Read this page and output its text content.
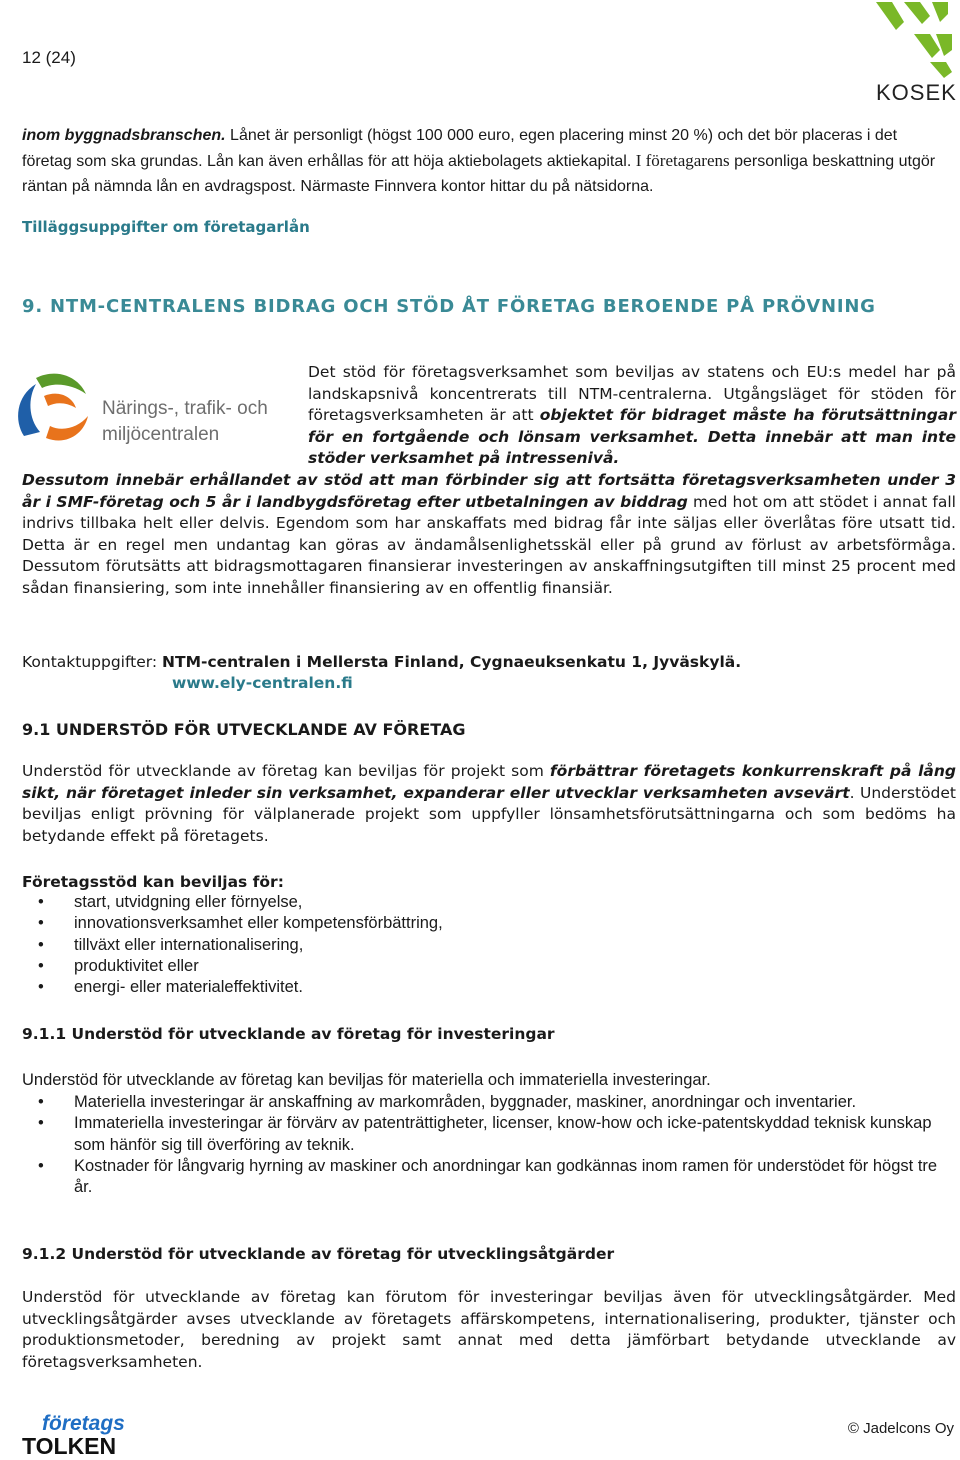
12 (24)
KOSEK
inom byggnadsbranschen. Lånet är personligt (högst 100 000 euro, egen placering minst 20 %) och det bör placeras i det företag som ska grundas. Lån kan även erhållas för att höja aktiebolagets aktiekapital. I företagarens personliga beskattning utgör räntan på nämnda lån en avdragspost. Närmaste Finnvera kontor hittar du på nätsidorna.
Tilläggsuppgifter om företagarlån
9. NTM-CENTRALENS BIDRAG OCH STÖD ÅT FÖRETAG BEROENDE PÅ PRÖVNING
Närings-, trafik- och
miljöcentralen
Det stöd för företagsverksamhet som beviljas av statens och EU:s medel har på landskapsnivå koncentrerats till NTM-centralerna. Utgångsläget för stöden för företagsverksamheten är att objektet för bidraget måste ha förutsättningar för en fortgående och lönsam verksamhet. Detta innebär att man inte stöder verksamhet på intressenivå.
Dessutom innebär erhållandet av stöd att man förbinder sig att fortsätta företagsverksamheten under 3 år i SMF-företag och 5 år i landbygdsföretag efter utbetalningen av biddrag med hot om att stödet i annat fall indrivs tillbaka helt eller delvis. Egendom som har anskaffats med bidrag får inte säljas eller överlåtas före utsatt tid. Detta är en regel men undantag kan göras av ändamålsenlighetsskäl eller på grund av förlust av arbetsförmåga. Dessutom förutsätts att bidragsmottagaren finansierar investeringen av anskaffningsutgiften till minst 25 procent med sådan finansiering, som inte innehåller finansiering av en offentlig finansiär.
Kontaktuppgifter: NTM-centralen i Mellersta Finland, Cygnaeuksenkatu 1, Jyväskylä.
www.ely-centralen.fi
9.1 UNDERSTÖD FÖR UTVECKLANDE AV FÖRETAG
Understöd för utvecklande av företag kan beviljas för projekt som förbättrar företagets konkurrenskraft på lång sikt, när företaget inleder sin verksamhet, expanderar eller utvecklar verksamheten avsevärt. Understödet beviljas enligt prövning för välplanerade projekt som uppfyller lönsamhetsförutsättningarna och som bedöms ha betydande effekt på företagets.
Företagsstöd kan beviljas för:
• start, utvidgning eller förnyelse,
• innovationsverksamhet eller kompetensförbättring,
• tillväxt eller internationalisering,
• produktivitet eller
• energi- eller materialeffektivitet.
9.1.1 Understöd för utvecklande av företag för investeringar
Understöd för utvecklande av företag kan beviljas för materiella och immateriella investeringar.
• Materiella investeringar är anskaffning av markområden, byggnader, maskiner, anordningar och inventarier.
• Immateriella investeringar är förvärv av patenträttigheter, licenser, know-how och icke-patentskyddad teknisk kunskap som hänför sig till överföring av teknik.
• Kostnader för långvarig hyrning av maskiner och anordningar kan godkännas inom ramen för understödet för högst tre år.
9.1.2 Understöd för utvecklande av företag för utvecklingsåtgärder
Understöd för utvecklande av företag kan förutom för investeringar beviljas även för utvecklingsåtgärder. Med utvecklingsåtgärder avses utvecklande av företagets affärskompetens, internationalisering, produkter, tjänster och produktionsmetoder, beredning av projekt samt annat med detta jämförbart betydande utvecklande av företagsverksamheten.
företags
TOLKEN
© Jadelcons Oy
